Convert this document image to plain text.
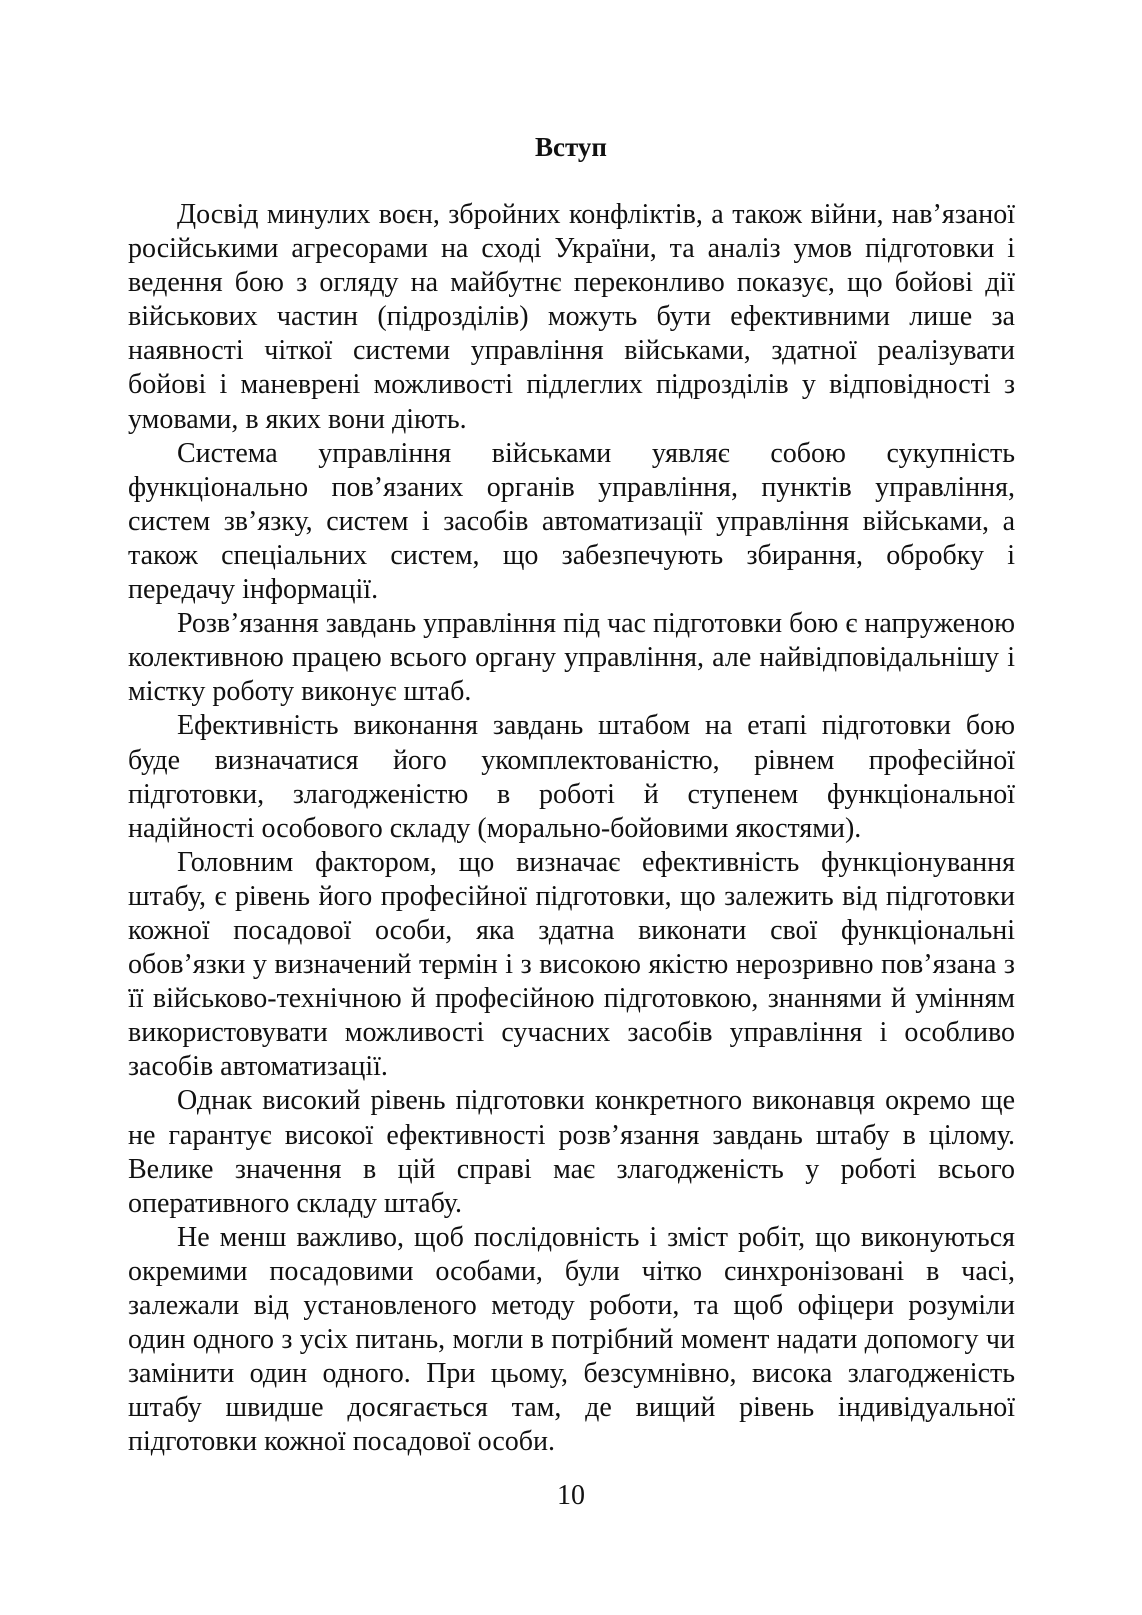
Вступ

Досвід минулих воєн, збройних конфліктів, а також війни, нав’язаної російськими агресорами на сході України, та аналіз умов підготовки і ведення бою з огляду на майбутнє переконливо показує, що бойові дії військових частин (підрозділів) можуть бути ефективними лише за наявності чіткої системи управління військами, здатної реалізувати бойові і маневрені можливості підлеглих підрозділів у відповідності з умовами, в яких вони діють.

Система управління військами уявляє собою сукупність функціонально пов’язаних органів управління, пунктів управління, систем зв’язку, систем і засобів автоматизації управління військами, а також спеціальних систем, що забезпечують збирання, обробку і передачу інформації.

Розв’язання завдань управління під час підготовки бою є напруженою колективною працею всього органу управління, але найвідповідальнішу і містку роботу виконує штаб.

Ефективність виконання завдань штабом на етапі підготовки бою буде визначатися його укомплектованістю, рівнем професійної підготовки, злагодженістю в роботі й ступенем функціональної надійності особового складу (морально-бойовими якостями).

Головним фактором, що визначає ефективність функціонування штабу, є рівень його професійної підготовки, що залежить від підготовки кожної посадової особи, яка здатна виконати свої функціональні обов’язки у визначений термін і з високою якістю нерозривно пов’язана з її військово-технічною й професійною підготовкою, знаннями й умінням використовувати можливості сучасних засобів управління і особливо засобів автоматизації.

Однак високий рівень підготовки конкретного виконавця окремо ще не гарантує високої ефективності розв’язання завдань штабу в цілому. Велике значення в цій справі має злагодженість у роботі всього оперативного складу штабу.

Не менш важливо, щоб послідовність і зміст робіт, що виконуються окремими посадовими особами, були чітко синхронізовані в часі, залежали від установленого методу роботи, та щоб офіцери розуміли один одного з усіх питань, могли в потрібний момент надати допомогу чи замінити один одного. При цьому, безсумнівно, висока злагодженість штабу швидше досягається там, де вищий рівень індивідуальної підготовки кожної посадової особи.

10
